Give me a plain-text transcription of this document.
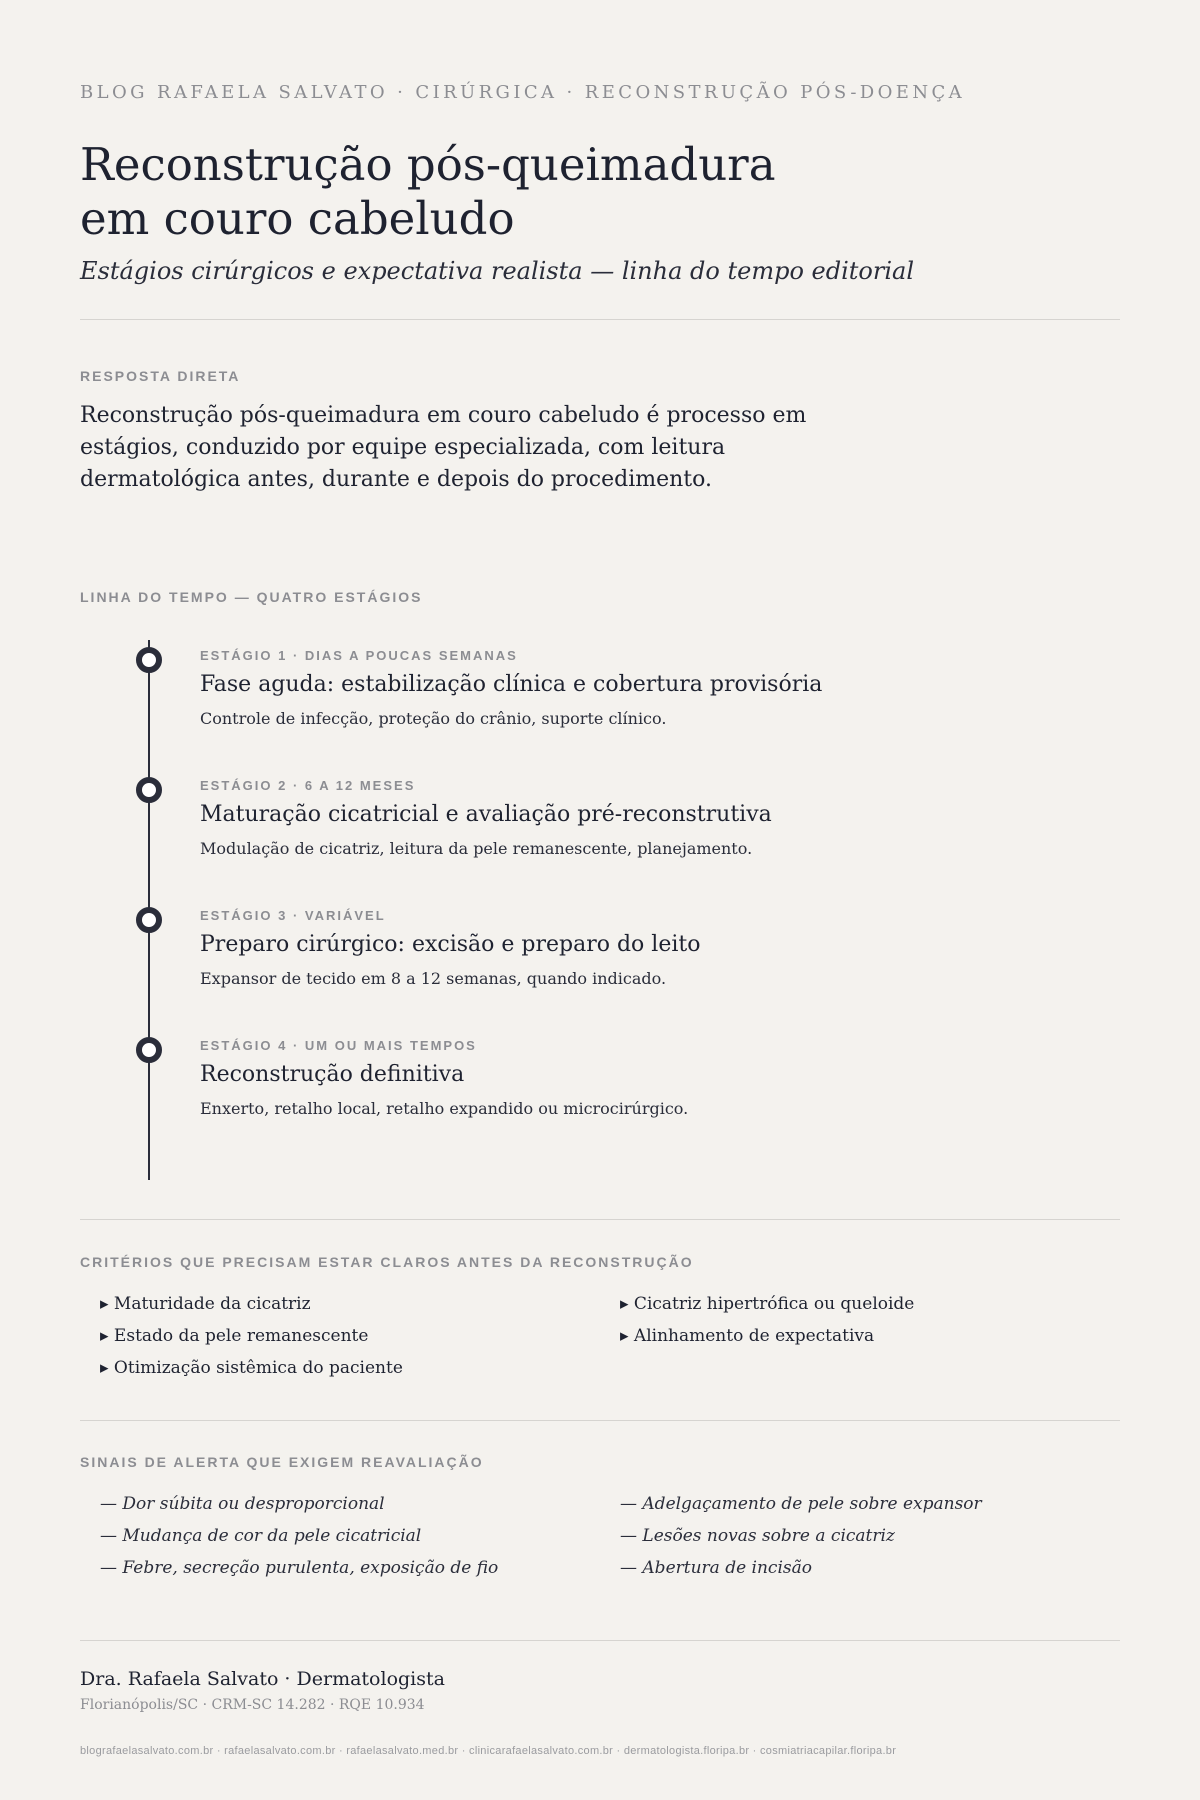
BLOG RAFAELA SALVATO · CIRÚRGICA · RECONSTRUÇÃO PÓS-DOENÇA
Reconstrução pós-queimadura
em couro cabeludo
Estágios cirúrgicos e expectativa realista — linha do tempo editorial
RESPOSTA DIRETA

Reconstrução pós-queimadura em couro cabeludo é processo em estágios, conduzido por equipe especializada, com leitura dermatológica antes, durante e depois do procedimento.

LINHA DO TEMPO — QUATRO ESTÁGIOS
ESTÁGIO 1 · DIAS A POUCAS SEMANAS
Fase aguda: estabilização clínica e cobertura provisória
Controle de infecção, proteção do crânio, suporte clínico.
ESTÁGIO 2 · 6 A 12 MESES
Maturação cicatricial e avaliação pré-reconstrutiva
Modulação de cicatriz, leitura da pele remanescente, planejamento.
ESTÁGIO 3 · VARIÁVEL
Preparo cirúrgico: excisão e preparo do leito
Expansor de tecido em 8 a 12 semanas, quando indicado.
ESTÁGIO 4 · UM OU MAIS TEMPOS
Reconstrução definitiva
Enxerto, retalho local, retalho expandido ou microcirúrgico.
CRITÉRIOS QUE PRECISAM ESTAR CLAROS ANTES DA RECONSTRUÇÃO
▸ Maturidade da cicatriz
▸ Estado da pele remanescente
▸ Otimização sistêmica do paciente
▸ Cicatriz hipertrófica ou queloide
▸ Alinhamento de expectativa
SINAIS DE ALERTA QUE EXIGEM REAVALIAÇÃO
— Dor súbita ou desproporcional
— Mudança de cor da pele cicatricial
— Febre, secreção purulenta, exposição de fio
— Adelgaçamento de pele sobre expansor
— Lesões novas sobre a cicatriz
— Abertura de incisão
Dra. Rafaela Salvato · Dermatologista
Florianópolis/SC · CRM-SC 14.282 · RQE 10.934
blografaelasalvato.com.br · rafaelasalvato.com.br · rafaelasalvato.med.br · clinicarafaelasalvato.com.br · dermatologista.floripa.br · cosmiatriacapilar.floripa.br
